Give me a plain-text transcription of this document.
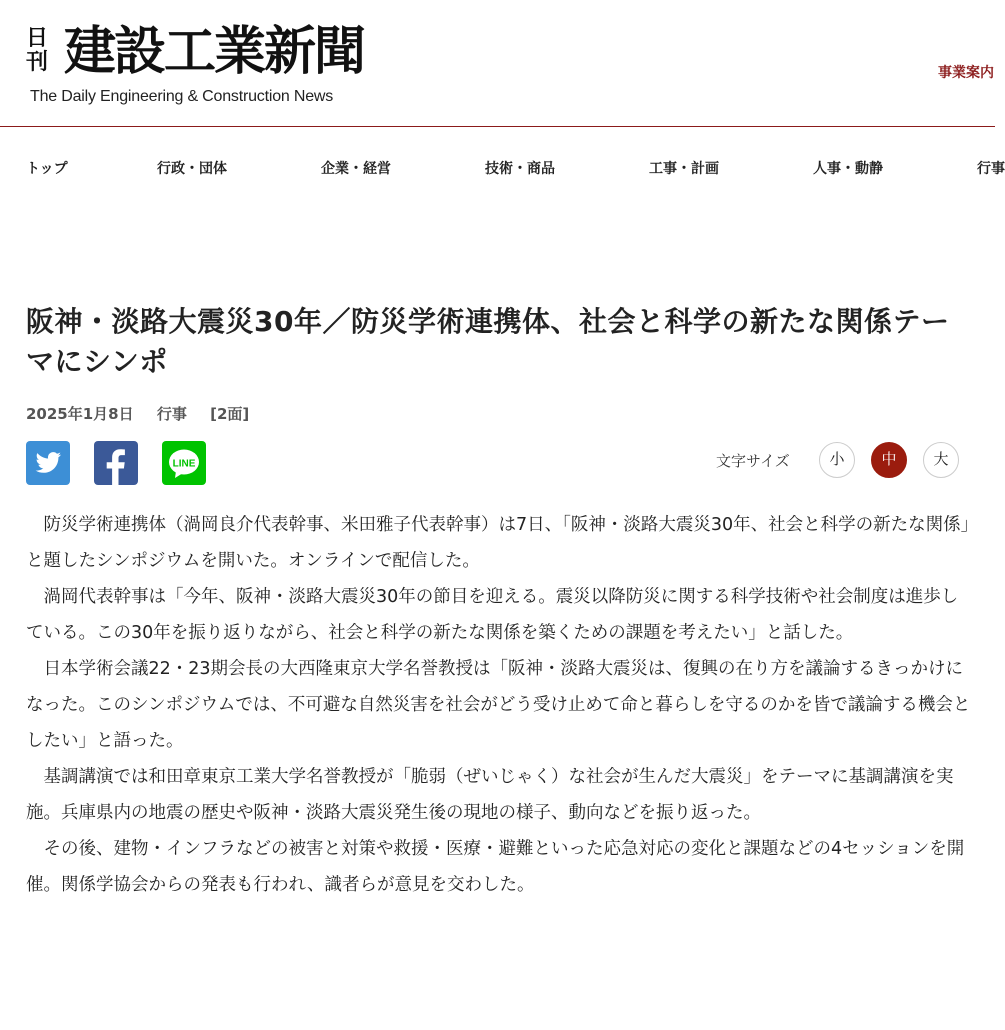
日
刊 建設工業新聞
The Daily Engineering & Construction News
事業案内
トップ	行政・団体	企業・経営	技術・商品	工事・計画	人事・動静	行事
阪神・淡路大震災30年／防災学術連携体、社会と科学の新たな関係テーマにシンポ
2025年1月8日 行事 [2面]
LINE	文字サイズ	小	中	大

防災学術連携体（渦岡良介代表幹事、米田雅子代表幹事）は7日、「阪神・淡路大震災30年、社会と科学の新たな関係」と題したシンポジウムを開いた。オンラインで配信した。

渦岡代表幹事は「今年、阪神・淡路大震災30年の節目を迎える。震災以降防災に関する科学技術や社会制度は進歩している。この30年を振り返りながら、社会と科学の新たな関係を築くための課題を考えたい」と話した。

日本学術会議22・23期会長の大西隆東京大学名誉教授は「阪神・淡路大震災は、復興の在り方を議論するきっかけになった。このシンポジウムでは、不可避な自然災害を社会がどう受け止めて命と暮らしを守るのかを皆で議論する機会としたい」と語った。

基調講演では和田章東京工業大学名誉教授が「脆弱（ぜいじゃく）な社会が生んだ大震災」をテーマに基調講演を実施。兵庫県内の地震の歴史や阪神・淡路大震災発生後の現地の様子、動向などを振り返った。

その後、建物・インフラなどの被害と対策や救援・医療・避難といった応急対応の変化と課題などの4セッションを開催。関係学協会からの発表も行われ、識者らが意見を交わした。
